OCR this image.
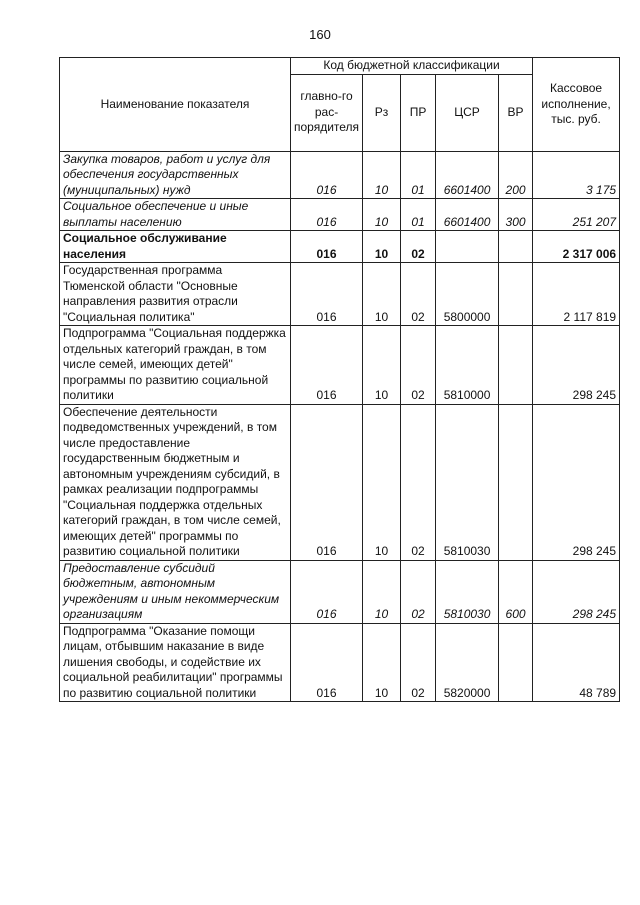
160
Наименование показателя	Код бюджетной классификации					Кассовое исполнение, тыс. руб.
	главно-го рас-порядителя	Рз	ПР	ЦСР	ВР	
Закупка товаров, работ и услуг для обеспечения государственных (муниципальных) нужд	016	10	01	6601400	200	3 175
Социальное обеспечение и иные выплаты населению	016	10	01	6601400	300	251 207
Социальное обслуживание населения	016	10	02			2 317 006
Государственная программа Тюменской области "Основные направления развития отрасли "Социальная политика"	016	10	02	5800000		2 117 819
Подпрограмма "Социальная поддержка отдельных категорий граждан, в том числе семей, имеющих детей" программы по развитию социальной политики	016	10	02	5810000		298 245
Обеспечение деятельности подведомственных учреждений, в том числе предоставление государственным бюджетным и автономным учреждениям субсидий, в рамках реализации подпрограммы "Социальная поддержка отдельных категорий граждан, в том числе семей, имеющих детей" программы по развитию социальной политики	016	10	02	5810030		298 245
Предоставление субсидий бюджетным, автономным учреждениям и иным некоммерческим организациям	016	10	02	5810030	600	298 245
Подпрограмма "Оказание помощи лицам, отбывшим наказание в виде лишения свободы, и содействие их социальной реабилитации" программы по развитию социальной политики	016	10	02	5820000		48 789
